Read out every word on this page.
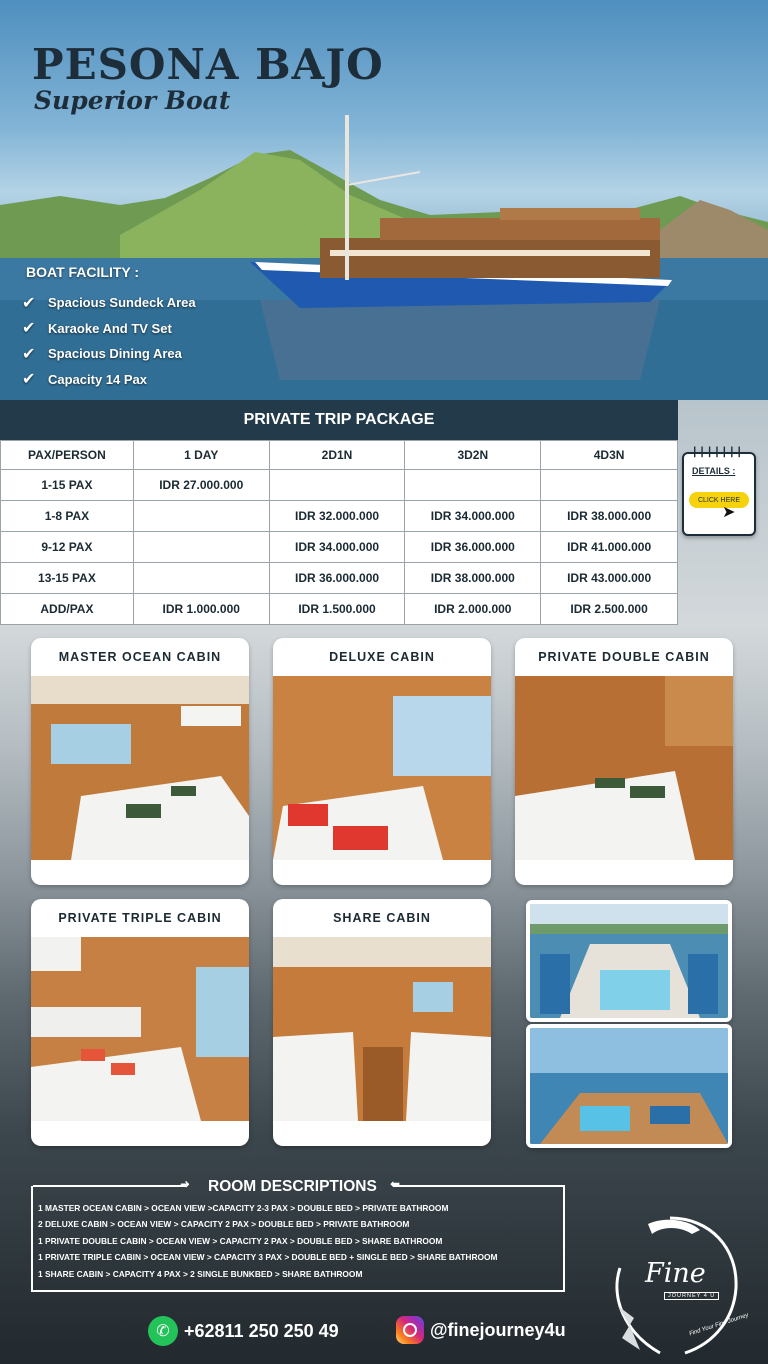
PESONA BAJO
Superior Boat
BOAT FACILITY :
✔ Spacious Sundeck Area
✔ Karaoke And TV Set
✔ Spacious Dining Area
✔ Capacity 14 Pax
PRIVATE TRIP PACKAGE
PAX/PERSON	1 DAY	2D1N	3D2N	4D3N
1-15 PAX	IDR 27.000.000			
1-8 PAX		IDR 32.000.000	IDR 34.000.000	IDR 38.000.000
9-12 PAX		IDR 34.000.000	IDR 36.000.000	IDR 41.000.000
13-15 PAX		IDR 36.000.000	IDR 38.000.000	IDR 43.000.000
ADD/PAX	IDR 1.000.000	IDR 1.500.000	IDR 2.000.000	IDR 2.500.000
┃┃┃┃┃┃┃
DETAILS :
CLICK HERE
➤
MASTER OCEAN CABIN	DELUXE CABIN	PRIVATE DOUBLE CABIN
PRIVATE TRIPLE CABIN	SHARE CABIN
➜	⬅
ROOM DESCRIPTIONS
1 MASTER OCEAN CABIN > OCEAN VIEW >CAPACITY 2-3 PAX > DOUBLE BED > PRIVATE BATHROOM
2 DELUXE CABIN > OCEAN VIEW > CAPACITY 2 PAX > DOUBLE BED > PRIVATE BATHROOM
1 PRIVATE DOUBLE CABIN > OCEAN VIEW > CAPACITY 2 PAX > DOUBLE BED > SHARE BATHROOM
1 PRIVATE TRIPLE CABIN > OCEAN VIEW > CAPACITY 3 PAX > DOUBLE BED + SINGLE BED > SHARE BATHROOM
1 SHARE CABIN > CAPACITY 4 PAX > 2 SINGLE BUNKBED > SHARE BATHROOM	Fine
JOURNEY 4 U
Find Your Fine Journey
✆ +62811 250 250 49	@finejourney4u
